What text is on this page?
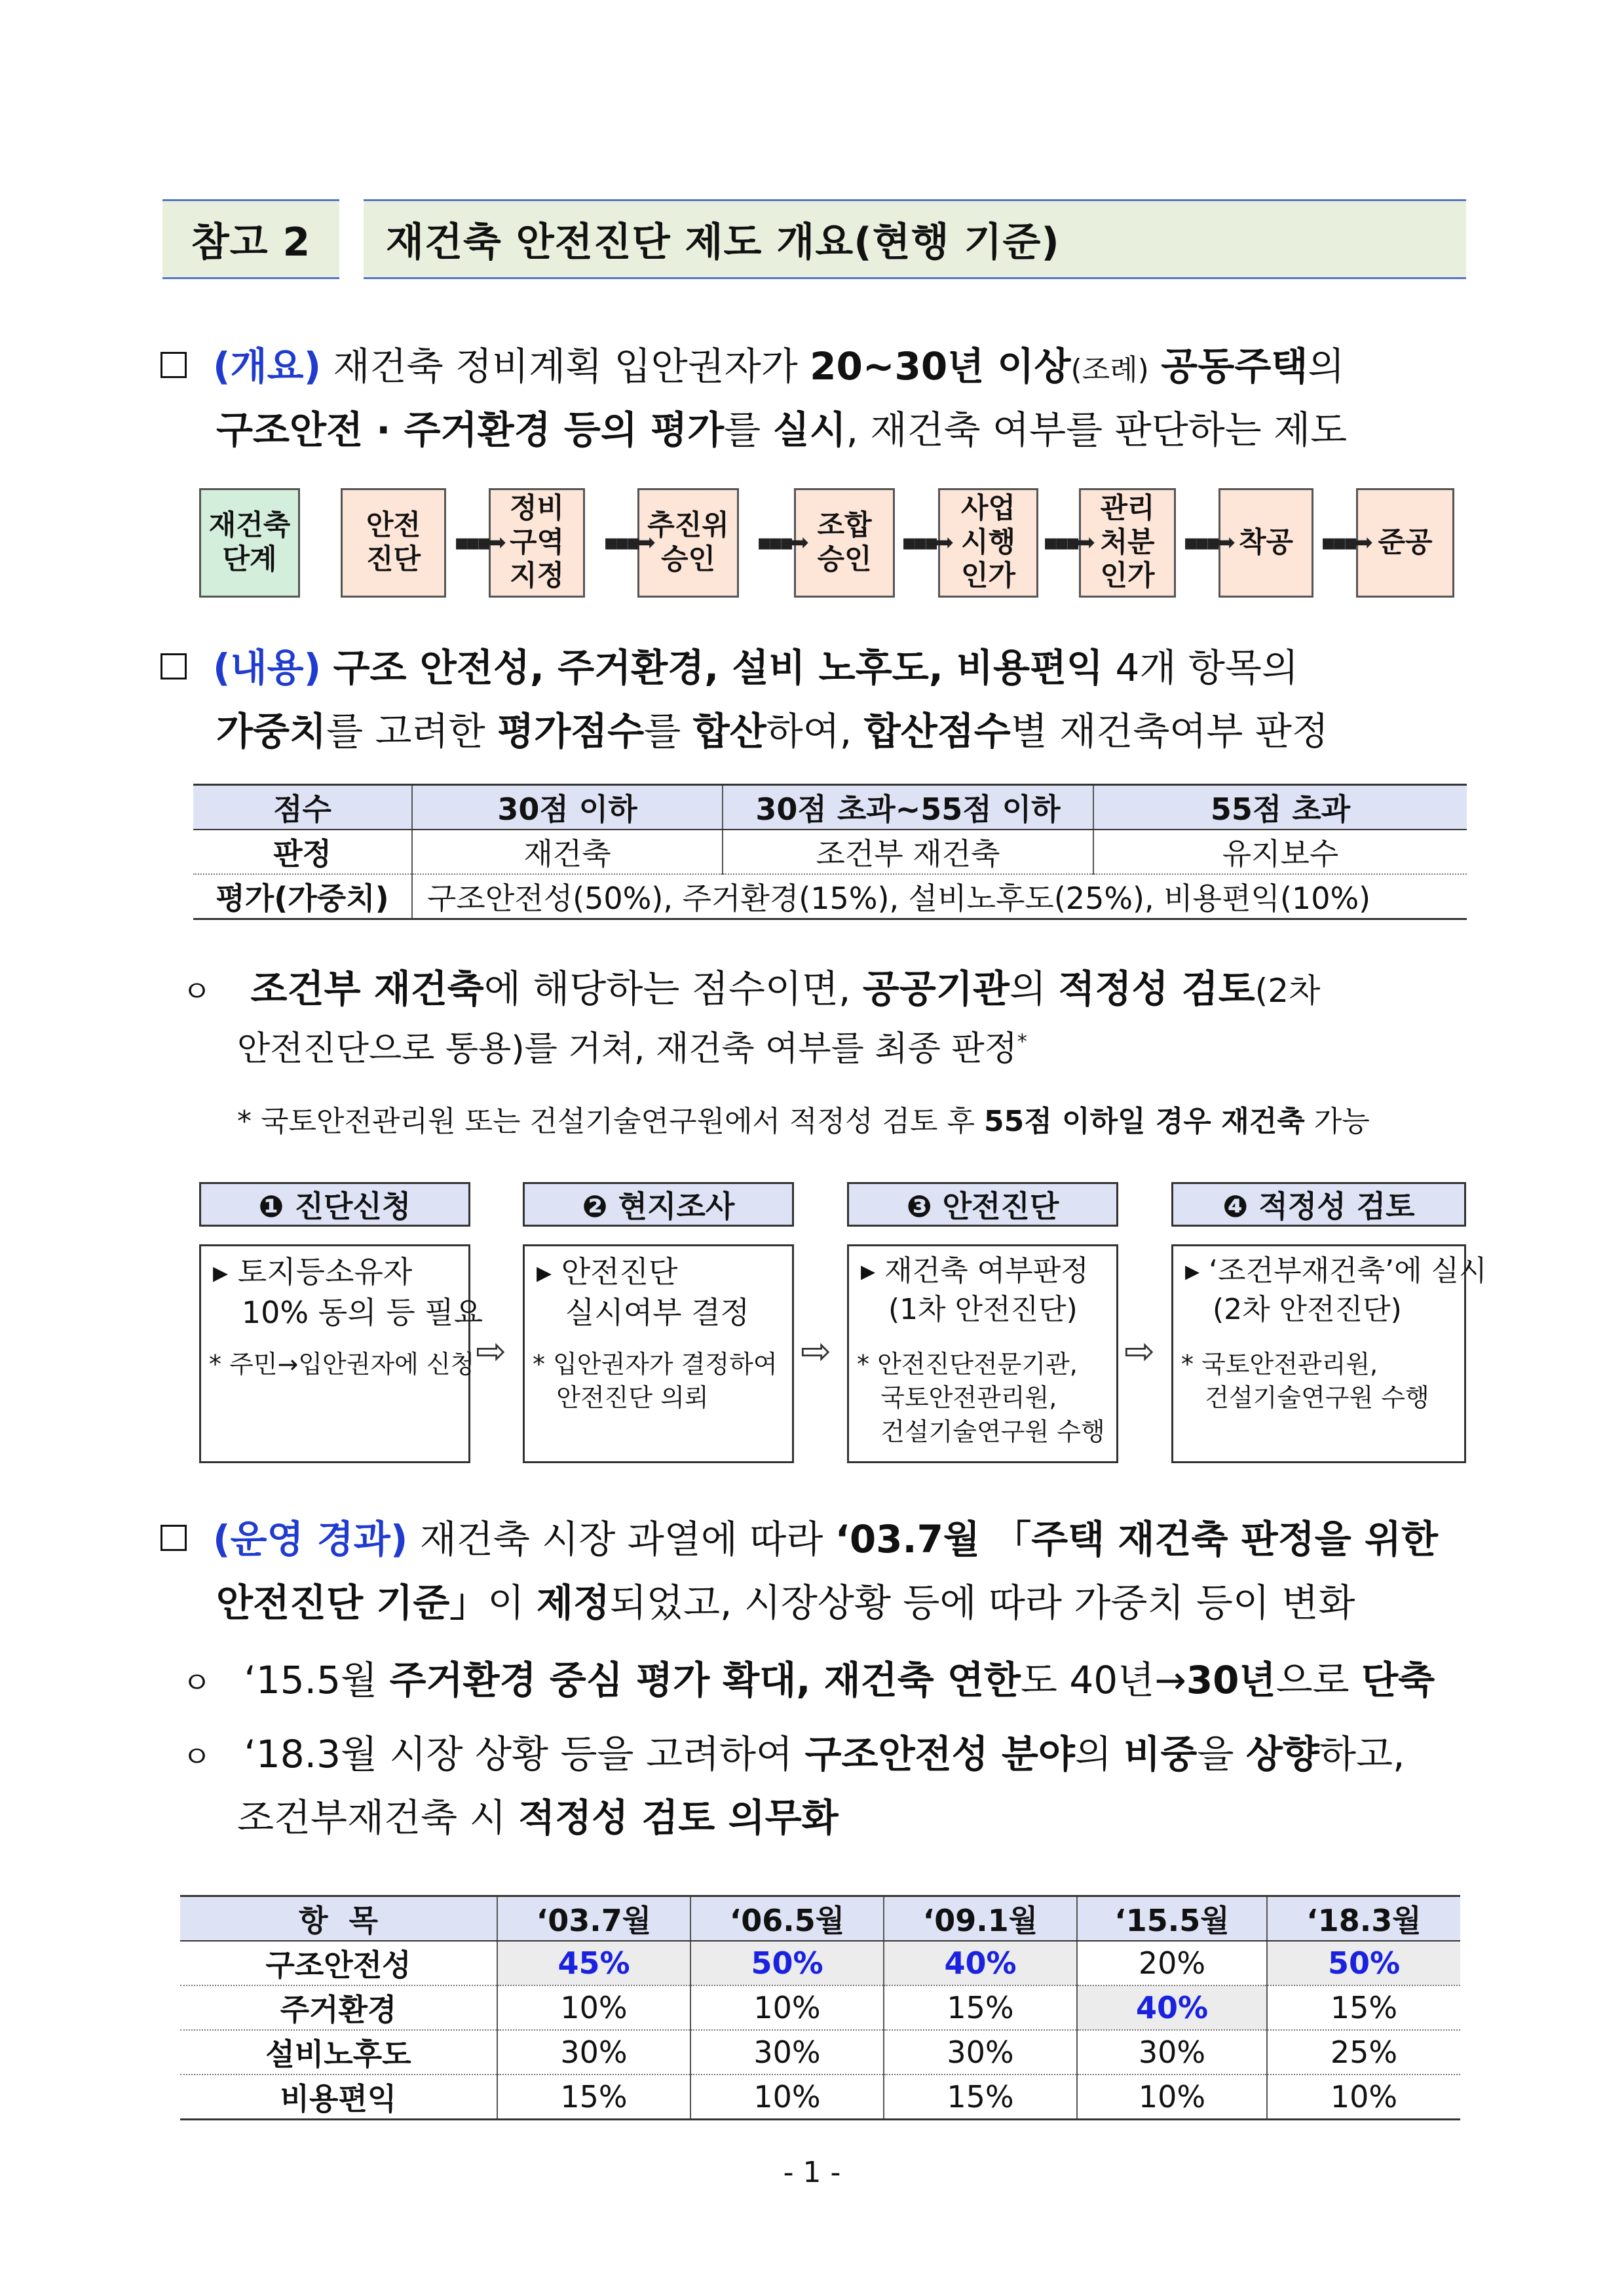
참고 2	재건축 안전진단 제도 개요(현행 기준)
(개요) 재건축 정비계획 입안권자가 20~30년 이상(조례) 공동주택의
구조안전 · 주거환경 등의 평가를 실시, 재건축 여부를 판단하는 제도
재건축
단계
안전
진단
정비
구역
지정
추진위
승인
조합
승인
사업
시행
인가
관리
처분
인가
착공	준공
▪▪▪➡	▪▪▪➡	▪▪▪➡	▪▪▪➡	▪▪▪➡	▪▪▪➡	▪▪▪➡
(내용) 구조 안전성, 주거환경, 설비 노후도, 비용편익 4개 항목의
가중치를 고려한 평가점수를 합산하여, 합산점수별 재건축여부 판정
점수	30점 이하	30점 초과~55점 이하	55점 초과
판정	재건축	조건부 재건축	유지보수
평가(가중치)	구조안전성(50%), 주거환경(15%), 설비노후도(25%), 비용편익(10%)		
ㅇ 조건부 재건축에 해당하는 점수이면, 공공기관의 적정성 검토(2차
안전진단으로 통용)를 거쳐, 재건축 여부를 최종 판정*
* 국토안전관리원 또는 건설기술연구원에서 적정성 검토 후 55점 이하일 경우 재건축 가능
❶ 진단신청	❷ 현지조사	❸ 안전진단	❹ 적정성 검토
▸ 토지등소유자
10% 동의 등 필요
* 주민→입안권자에 신청
▸ 안전진단
실시여부 결정
* 입안권자가 결정하여
안전진단 의뢰
▸ 재건축 여부판정
(1차 안전진단)
* 안전진단전문기관,
국토안전관리원,
건설기술연구원 수행
▸ ‘조건부재건축’에 실시
(2차 안전진단)
* 국토안전관리원,
건설기술연구원 수행
⇨	⇨	⇨
(운영 경과) 재건축 시장 과열에 따라 ‘03.7월 「주택 재건축 판정을 위한
안전진단 기준」이 제정되었고, 시장상황 등에 따라 가중치 등이 변화
ㅇ ‘15.5월 주거환경 중심 평가 확대, 재건축 연한도 40년→30년으로 단축
ㅇ ‘18.3월 시장 상황 등을 고려하여 구조안전성 분야의 비중을 상향하고,
조건부재건축 시 적정성 검토 의무화
항  목	‘03.7월	‘06.5월	‘09.1월	‘15.5월	‘18.3월
구조안전성	45%	50%	40%	20%	50%
주거환경	10%	10%	15%	40%	15%
설비노후도	30%	30%	30%	30%	25%
비용편익	15%	10%	15%	10%	10%
- 1 -
